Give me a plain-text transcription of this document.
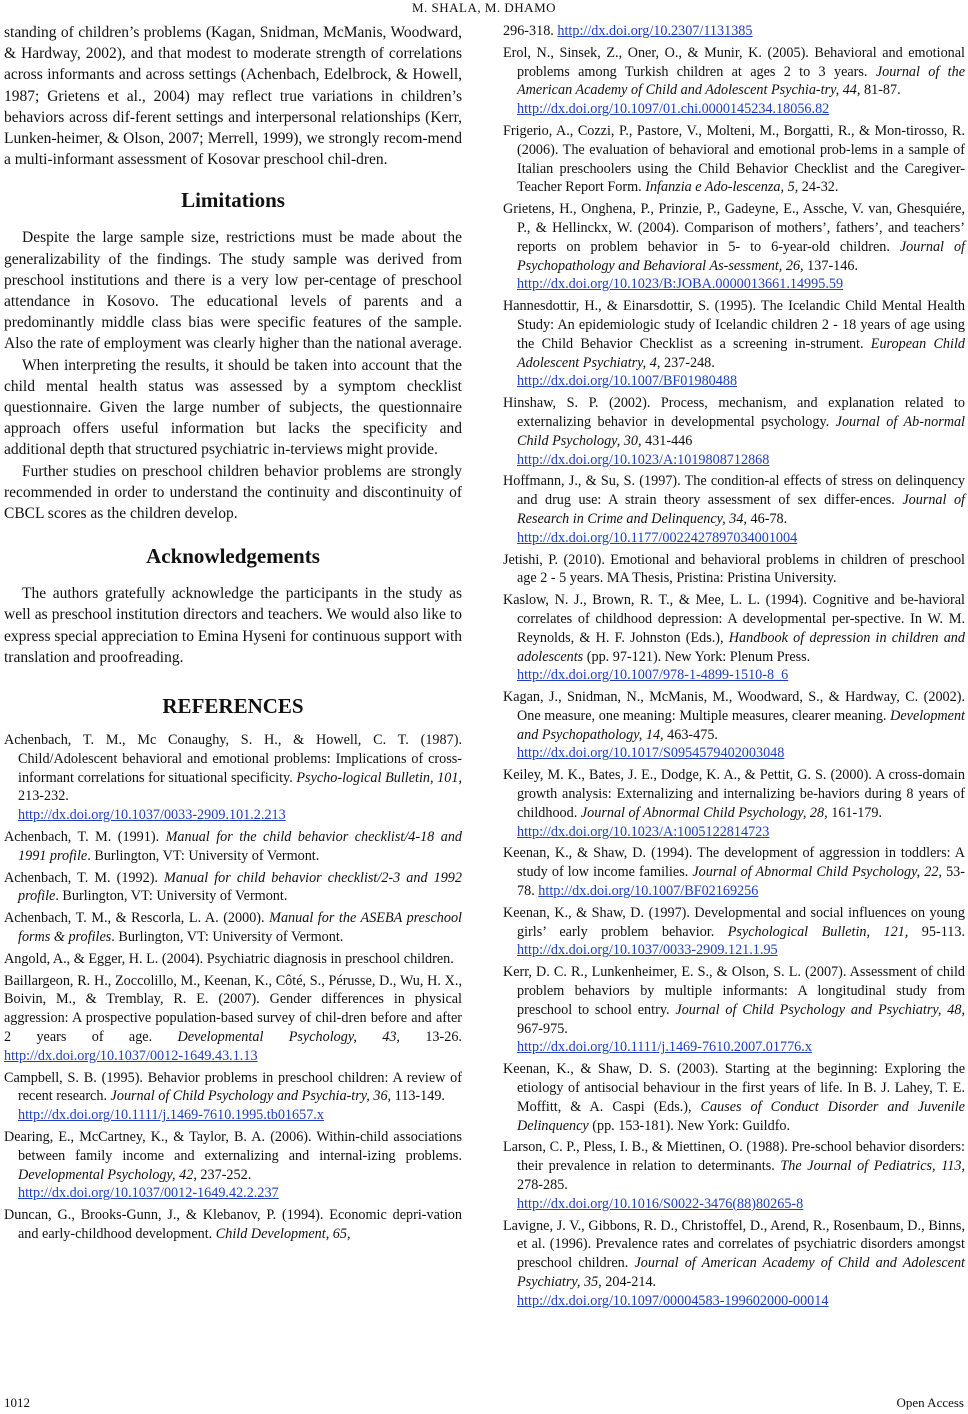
M. SHALA, M. DHAMO

standing of children’s problems (Kagan, Snidman, McManis, Woodward, & Hardway, 2002), and that modest to moderate strength of correlations across informants and across settings (Achenbach, Edelbrock, & Howell, 1987; Grietens et al., 2004) may reflect true variations in children’s behaviors across dif-ferent settings and interpersonal relationships (Kerr, Lunken-heimer, & Olson, 2007; Merrell, 1999), we strongly recom-mend a multi-informant assessment of Kosovar preschool chil-dren.

Limitations

Despite the large sample size, restrictions must be made about the generalizability of the findings. The study sample was derived from preschool institutions and there is a very low per-centage of preschool attendance in Kosovo. The educational levels of parents and a predominantly middle class bias were specific features of the sample. Also the rate of employment was clearly higher than the national average.

When interpreting the results, it should be taken into account that the child mental health status was assessed by a symptom checklist questionnaire. Given the large number of subjects, the questionnaire approach offers useful information but lacks the specificity and additional depth that structured psychiatric in-terviews might provide.

Further studies on preschool children behavior problems are strongly recommended in order to understand the continuity and discontinuity of CBCL scores as the children develop.

Acknowledgements

The authors gratefully acknowledge the participants in the study as well as preschool institution directors and teachers. We would also like to express special appreciation to Emina Hyseni for continuous support with translation and proofreading.

REFERENCES

Achenbach, T. M., Mc Conaughy, S. H., & Howell, C. T. (1987). Child/Adolescent behavioral and emotional problems: Implications of cross-informant correlations for situational specificity. Psycho-logical Bulletin, 101, 213-232.
http://dx.doi.org/10.1037/0033-2909.101.2.213

Achenbach, T. M. (1991). Manual for the child behavior checklist/4-18 and 1991 profile. Burlington, VT: University of Vermont.

Achenbach, T. M. (1992). Manual for child behavior checklist/2-3 and 1992 profile. Burlington, VT: University of Vermont.

Achenbach, T. M., & Rescorla, L. A. (2000). Manual for the ASEBA preschool forms & profiles. Burlington, VT: University of Vermont.

Angold, A., & Egger, H. L. (2004). Psychiatric diagnosis in preschool children.

Baillargeon, R. H., Zoccolillo, M., Keenan, K., Côté, S., Pérusse, D., Wu, H. X., Boivin, M., & Tremblay, R. E. (2007). Gender differences in physical aggression: A prospective population-based survey of chil-dren before and after 2 years of age. Developmental Psychology, 43, 13-26. http://dx.doi.org/10.1037/0012-1649.43.1.13

Campbell, S. B. (1995). Behavior problems in preschool children: A review of recent research. Journal of Child Psychology and Psychia-try, 36, 113-149.
http://dx.doi.org/10.1111/j.1469-7610.1995.tb01657.x

Dearing, E., McCartney, K., & Taylor, B. A. (2006). Within-child associations between family income and externalizing and internal-izing problems. Developmental Psychology, 42, 237-252.
http://dx.doi.org/10.1037/0012-1649.42.2.237

Duncan, G., Brooks-Gunn, J., & Klebanov, P. (1994). Economic depri-vation and early-childhood development. Child Development, 65,

296-318. http://dx.doi.org/10.2307/1131385

Erol, N., Sinsek, Z., Oner, O., & Munir, K. (2005). Behavioral and emotional problems among Turkish children at ages 2 to 3 years. Journal of the American Academy of Child and Adolescent Psychia-try, 44, 81-87.
http://dx.doi.org/10.1097/01.chi.0000145234.18056.82

Frigerio, A., Cozzi, P., Pastore, V., Molteni, M., Borgatti, R., & Mon-tirosso, R. (2006). The evaluation of behavioral and emotional prob-lems in a sample of Italian preschoolers using the Child Behavior Checklist and the Caregiver-Teacher Report Form. Infanzia e Ado-lescenza, 5, 24-32.

Grietens, H., Onghena, P., Prinzie, P., Gadeyne, E., Assche, V. van, Ghesquiére, P., & Hellinckx, W. (2004). Comparison of mothers’, fathers’, and teachers’ reports on problem behavior in 5- to 6-year-old children. Journal of Psychopathology and Behavioral As-sessment, 26, 137-146.
http://dx.doi.org/10.1023/B:JOBA.0000013661.14995.59

Hannesdottir, H., & Einarsdottir, S. (1995). The Icelandic Child Mental Health Study: An epidemiologic study of Icelandic children 2 - 18 years of age using the Child Behavior Checklist as a screening in-strument. European Child Adolescent Psychiatry, 4, 237-248.
http://dx.doi.org/10.1007/BF01980488

Hinshaw, S. P. (2002). Process, mechanism, and explanation related to externalizing behavior in developmental psychology. Journal of Ab-normal Child Psychology, 30, 431-446
http://dx.doi.org/10.1023/A:1019808712868

Hoffmann, J., & Su, S. (1997). The condition-al effects of stress on delinquency and drug use: A strain theory assessment of sex differ-ences. Journal of Research in Crime and Delinquency, 34, 46-78.
http://dx.doi.org/10.1177/0022427897034001004

Jetishi, P. (2010). Emotional and behavioral problems in children of preschool age 2 - 5 years. MA Thesis, Pristina: Pristina University.

Kaslow, N. J., Brown, R. T., & Mee, L. L. (1994). Cognitive and be-havioral correlates of childhood depression: A developmental per-spective. In W. M. Reynolds, & H. F. Johnston (Eds.), Handbook of depression in children and adolescents (pp. 97-121). New York: Plenum Press.
http://dx.doi.org/10.1007/978-1-4899-1510-8_6

Kagan, J., Snidman, N., McManis, M., Woodward, S., & Hardway, C. (2002). One measure, one meaning: Multiple measures, clearer meaning. Development and Psychopathology, 14, 463-475.
http://dx.doi.org/10.1017/S0954579402003048

Keiley, M. K., Bates, J. E., Dodge, K. A., & Pettit, G. S. (2000). A cross-domain growth analysis: Externalizing and internalizing be-haviors during 8 years of childhood. Journal of Abnormal Child Psychology, 28, 161-179.
http://dx.doi.org/10.1023/A:1005122814723

Keenan, K., & Shaw, D. (1994). The development of aggression in toddlers: A study of low income families. Journal of Abnormal Child Psychology, 22, 53-78. http://dx.doi.org/10.1007/BF02169256

Keenan, K., & Shaw, D. (1997). Developmental and social influences on young girls’ early problem behavior. Psychological Bulletin, 121, 95-113. http://dx.doi.org/10.1037/0033-2909.121.1.95

Kerr, D. C. R., Lunkenheimer, E. S., & Olson, S. L. (2007). Assessment of child problem behaviors by multiple informants: A longitudinal study from preschool to school entry. Journal of Child Psychology and Psychiatry, 48, 967-975.
http://dx.doi.org/10.1111/j.1469-7610.2007.01776.x

Keenan, K., & Shaw, D. S. (2003). Starting at the beginning: Exploring the etiology of antisocial behaviour in the first years of life. In B. J. Lahey, T. E. Moffitt, & A. Caspi (Eds.), Causes of Conduct Disorder and Juvenile Delinquency (pp. 153-181). New York: Guildfo.

Larson, C. P., Pless, I. B., & Miettinen, O. (1988). Pre-school behavior disorders: their prevalence in relation to determinants. The Journal of Pediatrics, 113, 278-285.
http://dx.doi.org/10.1016/S0022-3476(88)80265-8

Lavigne, J. V., Gibbons, R. D., Christoffel, D., Arend, R., Rosenbaum, D., Binns, et al. (1996). Prevalence rates and correlates of psychiatric disorders amongst preschool children. Journal of American Academy of Child and Adolescent Psychiatry, 35, 204-214.
http://dx.doi.org/10.1097/00004583-199602000-00014

1012	Open Access
